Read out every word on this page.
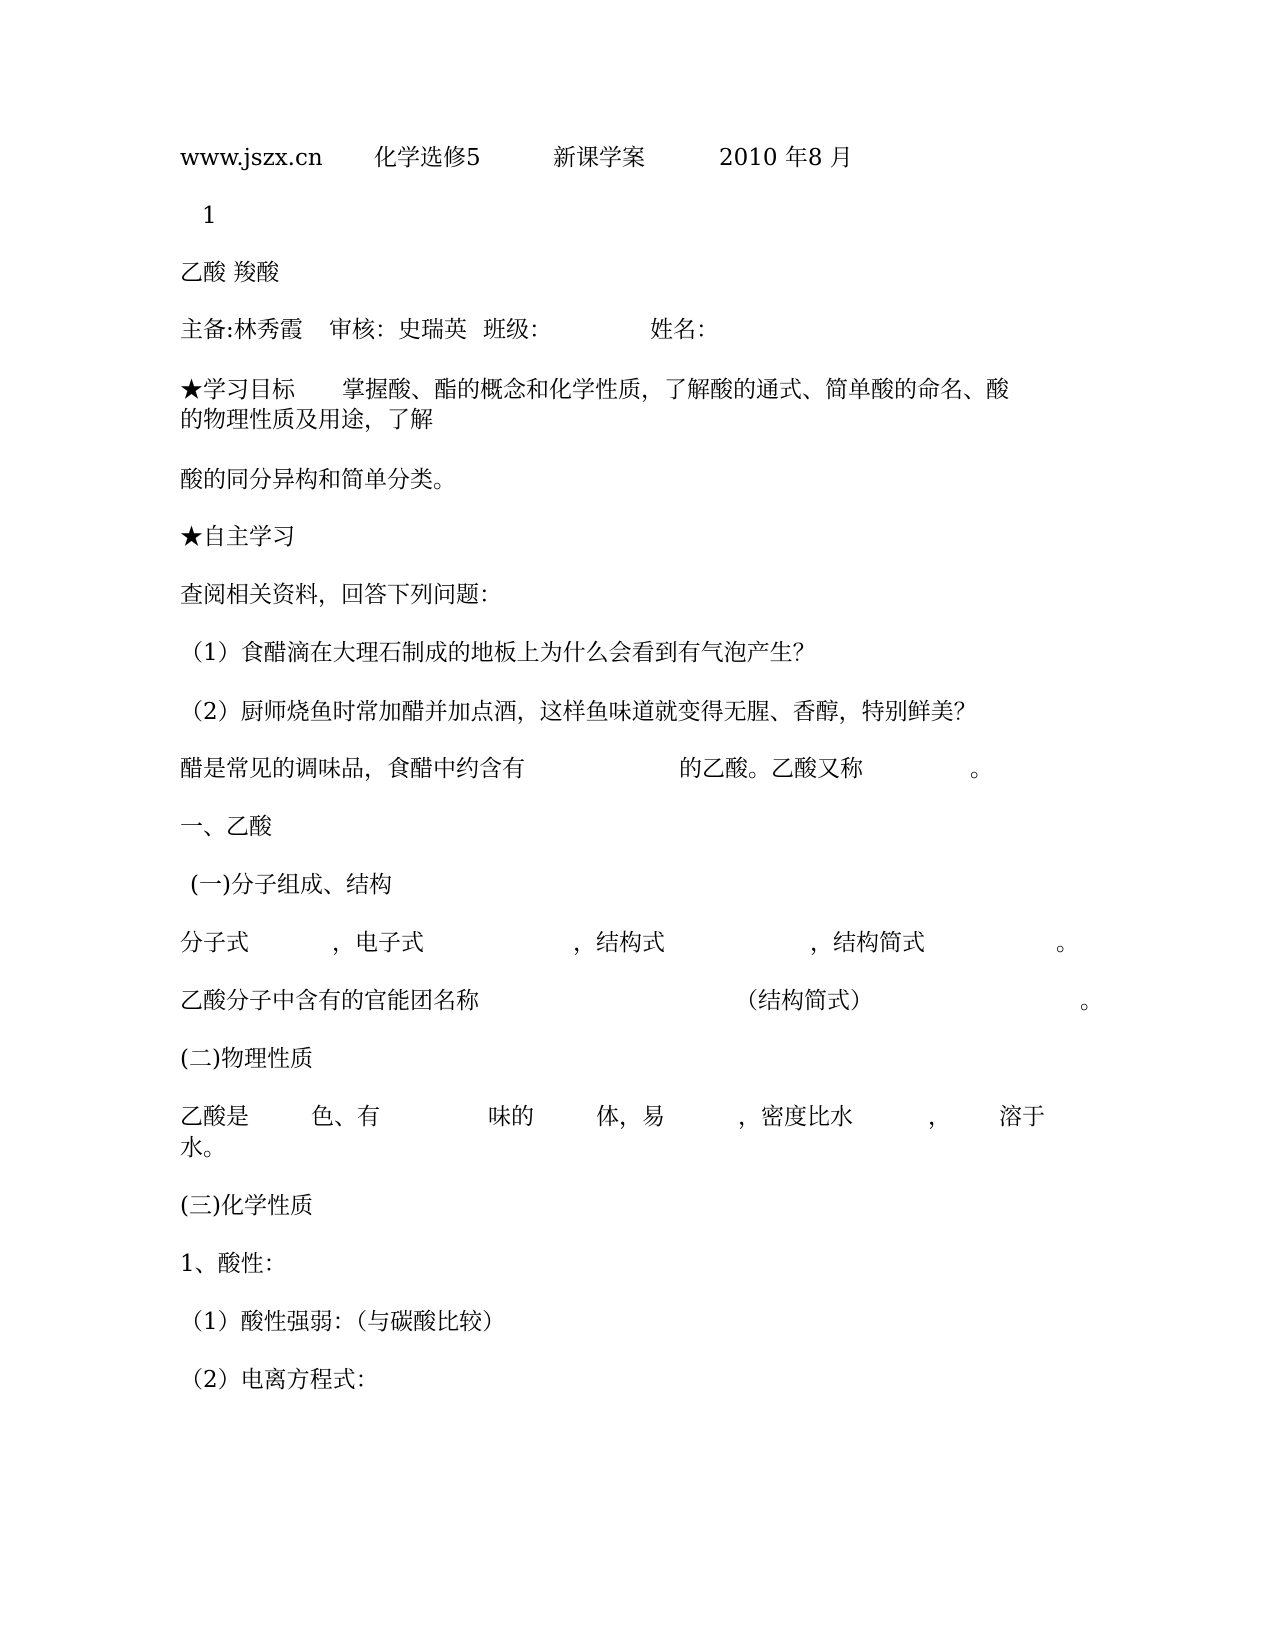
www.jszx.cn 化学选修5	新课学案	2010 年8 月
1
乙酸 羧酸
主备:林秀霞 审核：史瑞英 班级：	姓名：
★学习目标 掌握酸、酯的概念和化学性质，了解酸的通式、简单酸的命名、酸
的物理性质及用途，了解
酸的同分异构和简单分类。
★自主学习
查阅相关资料，回答下列问题：
（1）食醋滴在大理石制成的地板上为什么会看到有气泡产生？
（2）厨师烧鱼时常加醋并加点酒，这样鱼味道就变得无腥、香醇，特别鲜美？
醋是常见的调味品，食醋中约含有	的乙酸。乙酸又称	。
一、乙酸
(一)分子组成、结构
分子式	，电子式	，结构式	，结构简式	。
乙酸分子中含有的官能团名称	（结构简式）	。
(二)物理性质
乙酸是	色、有	味的	体，易	，密度比水	， 溶于
水。
(三)化学性质
1、酸性：
（1）酸性强弱：（与碳酸比较）
（2）电离方程式：
